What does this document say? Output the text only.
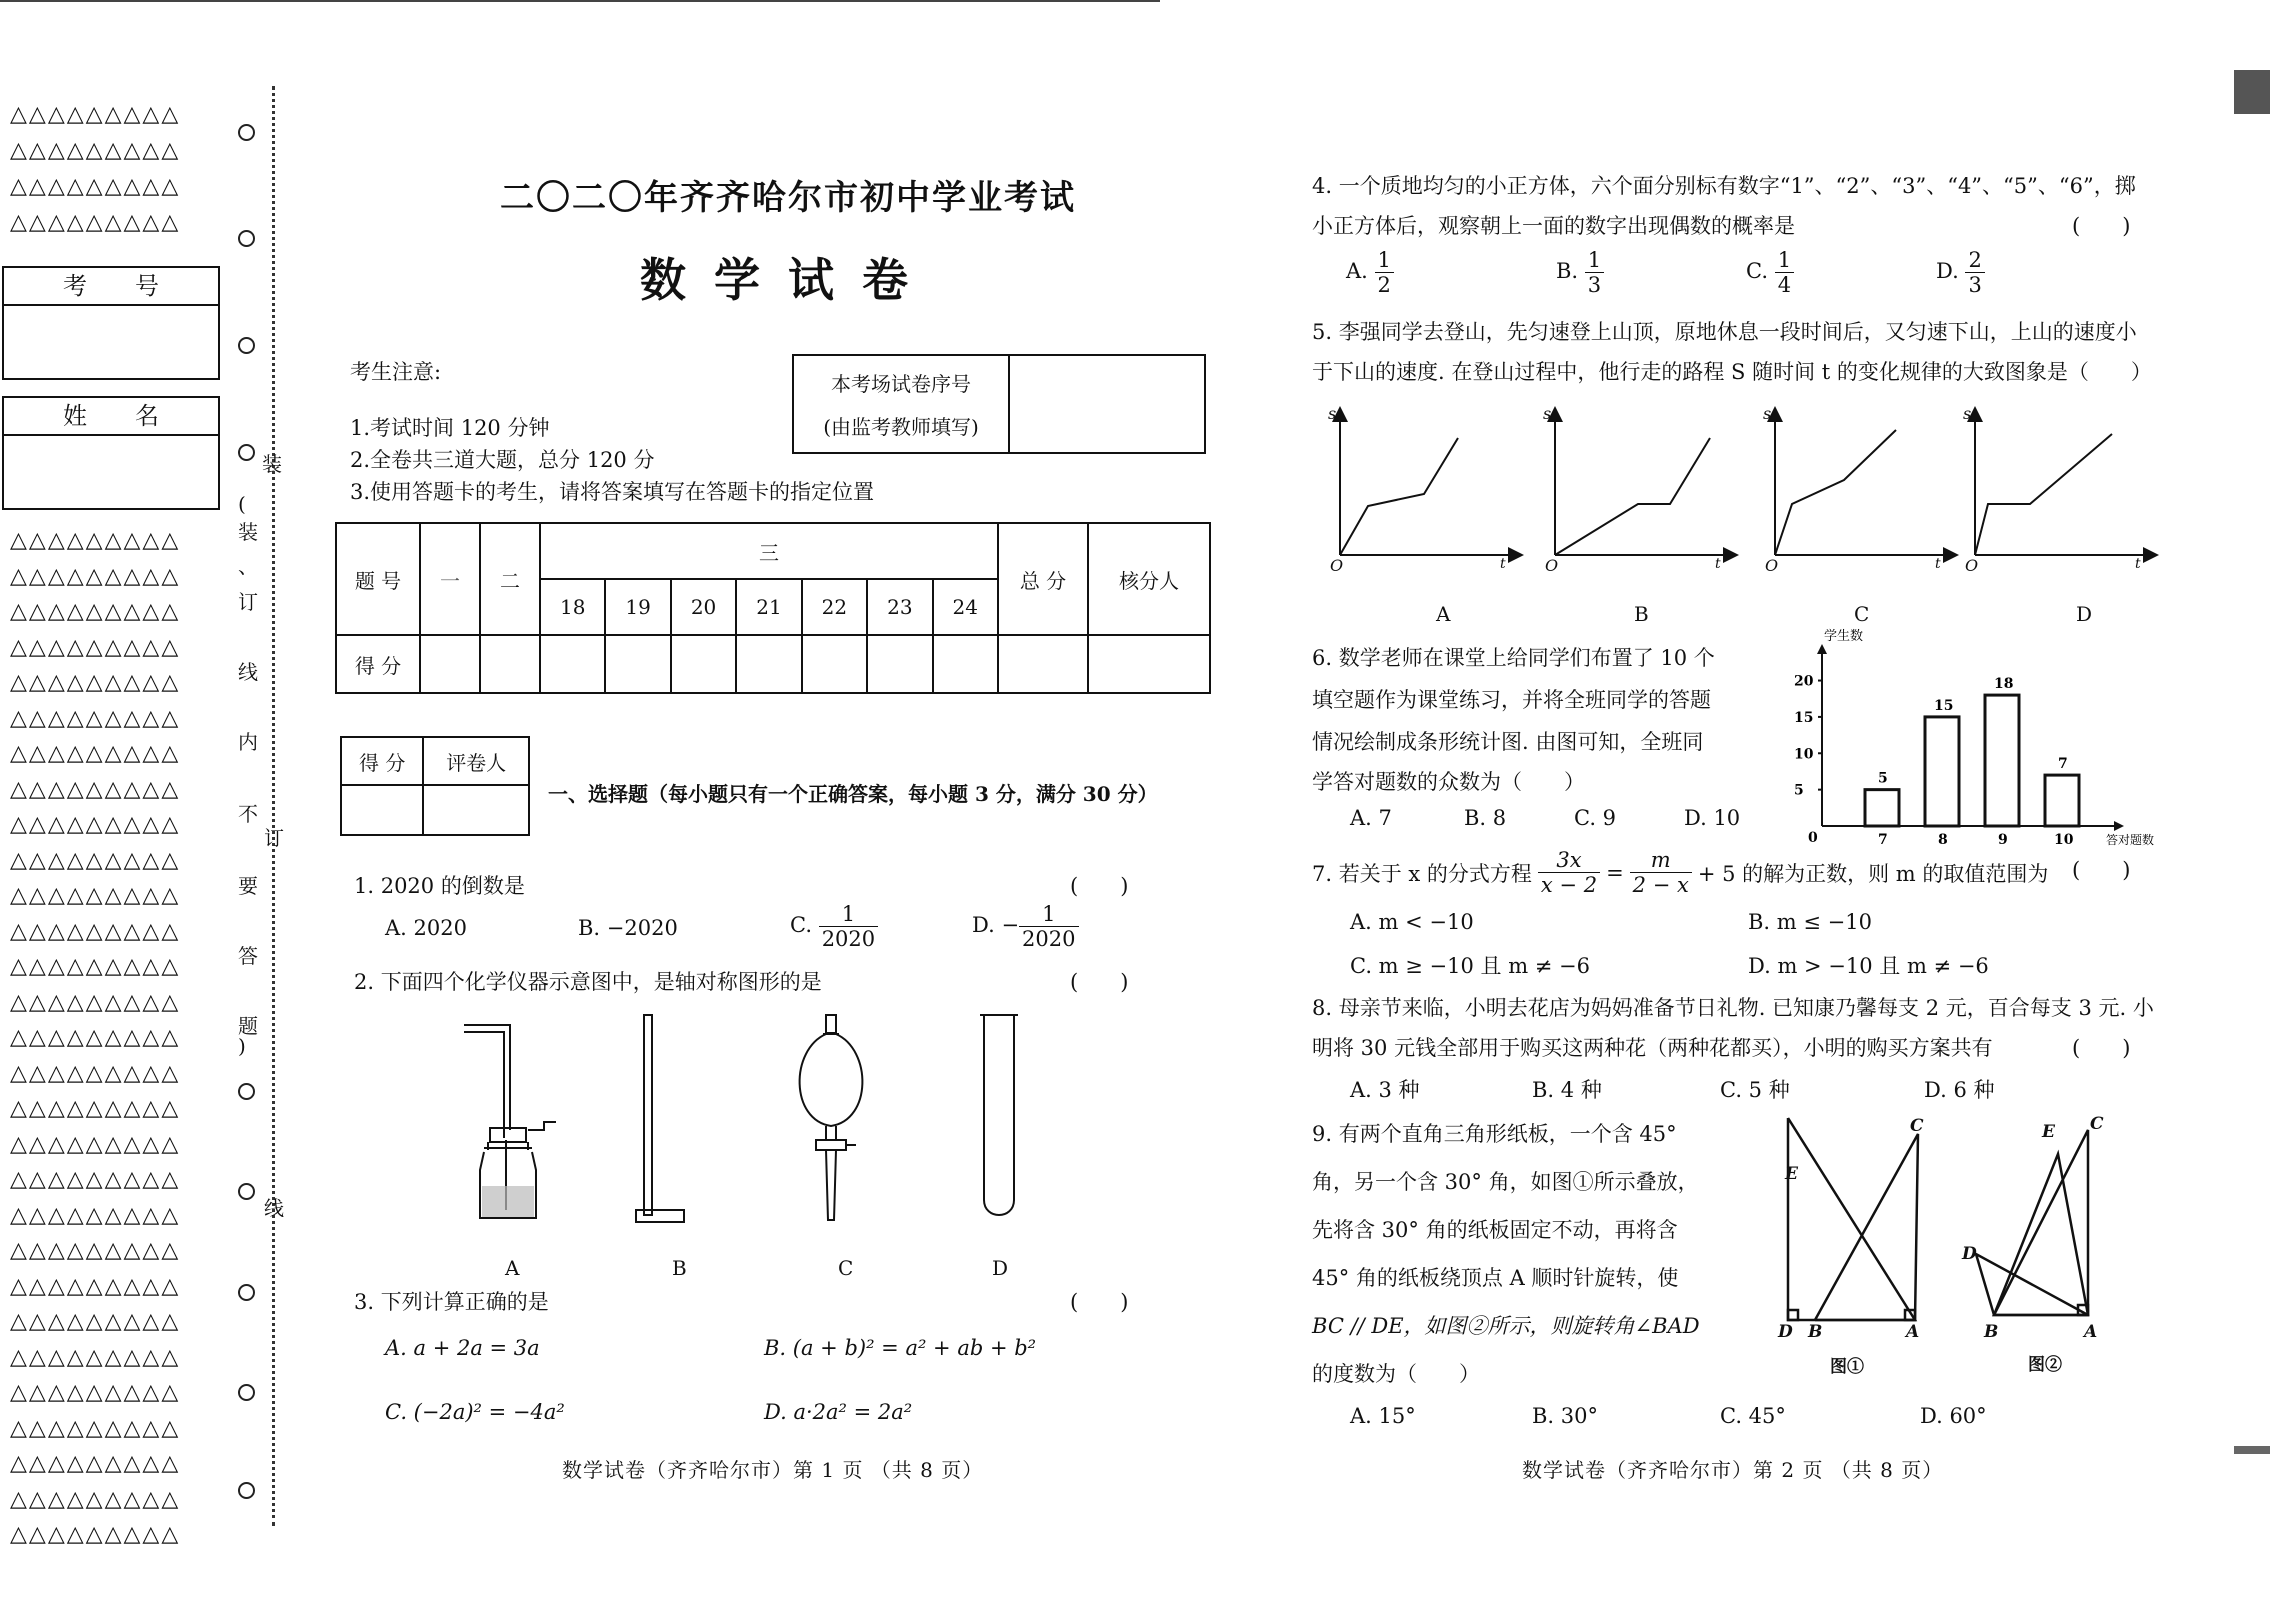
△△△△△△△△△
△△△△△△△△△
△△△△△△△△△
△△△△△△△△△
考　　号
姓　　名
△△△△△△△△△
△△△△△△△△△
△△△△△△△△△
△△△△△△△△△
△△△△△△△△△
△△△△△△△△△
△△△△△△△△△
△△△△△△△△△
△△△△△△△△△
△△△△△△△△△
△△△△△△△△△
△△△△△△△△△
△△△△△△△△△
△△△△△△△△△
△△△△△△△△△
△△△△△△△△△
△△△△△△△△△
△△△△△△△△△
△△△△△△△△△
△△△△△△△△△
△△△△△△△△△
△△△△△△△△△
△△△△△△△△△
△△△△△△△△△
△△△△△△△△△
△△△△△△△△△
△△△△△△△△△
△△△△△△△△△
△△△△△△△△△
装
(
装
、
订
线
内
不
订
要
答
题
)
线
二〇二〇年齐齐哈尔市初中学业考试
数 学 试 卷
考生注意:
1.考试时间 120 分钟
2.全卷共三道大题，总分 120 分
3.使用答题卡的考生，请将答案填写在答题卡的指定位置
本考场试卷序号
(由监考教师填写)
题 号	一	二	三							总 分	核分人
			18	19	20	21	22	23	24		
得 分											
得 分	评卷人

一、选择题（每小题只有一个正确答案，每小题 3 分，满分 30 分）
1. 2020 的倒数是	(　　)
A. 2020	B. −2020	C. $\frac{1}{2020}$	D. − $\frac{1}{2020}$
2. 下面四个化学仪器示意图中，是轴对称图形的是	(　　)
A	B	C	D
3. 下列计算正确的是	(　　)
A. a + 2a = 3a	B. (a + b)² = a² + ab + b²
C. (−2a)² = −4a²	D. a·2a² = 2a²
数学试卷（齐齐哈尔市）第 1 页 （共 8 页）
4. 一个质地均匀的小正方体，六个面分别标有数字“1”、“2”、“3”、“4”、“5”、“6”，掷
小正方体后，观察朝上一面的数字出现偶数的概率是	(　　)
A. $\frac{1}{2}$	B. $\frac{1}{3}$	C. $\frac{1}{4}$	D. $\frac{2}{3}$
5. 李强同学去登山，先匀速登上山顶，原地休息一段时间后，又匀速下山，上山的速度小
于下山的速度. 在登山过程中，他行走的路程 S 随时间 t 的变化规律的大致图象是（　　）
s	s	s	s
O	O	O	O
t	t	t	t
A	B	C	D
6. 数学老师在课堂上给同学们布置了 10 个
填空题作为课堂练习，并将全班同学的答题
情况绘制成条形统计图. 由图可知，全班同
学答对题数的众数为（　　）
A. 7	B. 8	C. 9	D. 10
学生数
答对题数
0
5
10
15
20
5
7
15
8
18
9
7
10
7. 若关于 x 的分式方程 $\frac{3x}{x - 2} = \frac{m}{2 - x} + 5$ 的解为正数，则 m 的取值范围为 (　　)
A. m < −10	B. m ≤ −10
C. m ≥ −10 且 m ≠ −6	D. m > −10 且 m ≠ −6
8. 母亲节来临，小明去花店为妈妈准备节日礼物. 已知康乃馨每支 2 元，百合每支 3 元. 小
明将 30 元钱全部用于购买这两种花（两种花都买），小明的购买方案共有	(　　)
A. 3 种	B. 4 种	C. 5 种	D. 6 种
9. 有两个直角三角形纸板，一个含 45°
角，另一个含 30° 角，如图①所示叠放，
先将含 30° 角的纸板固定不动，再将含
45° 角的纸板绕顶点 A 顺时针旋转，使
BC // DE，如图②所示，则旋转角∠BAD
的度数为（　　）
A. 15°	B. 30°	C. 45°	D. 60°
E
C
D B	A
图①
E C
D
B	A
图②
数学试卷（齐齐哈尔市）第 2 页 （共 8 页）
